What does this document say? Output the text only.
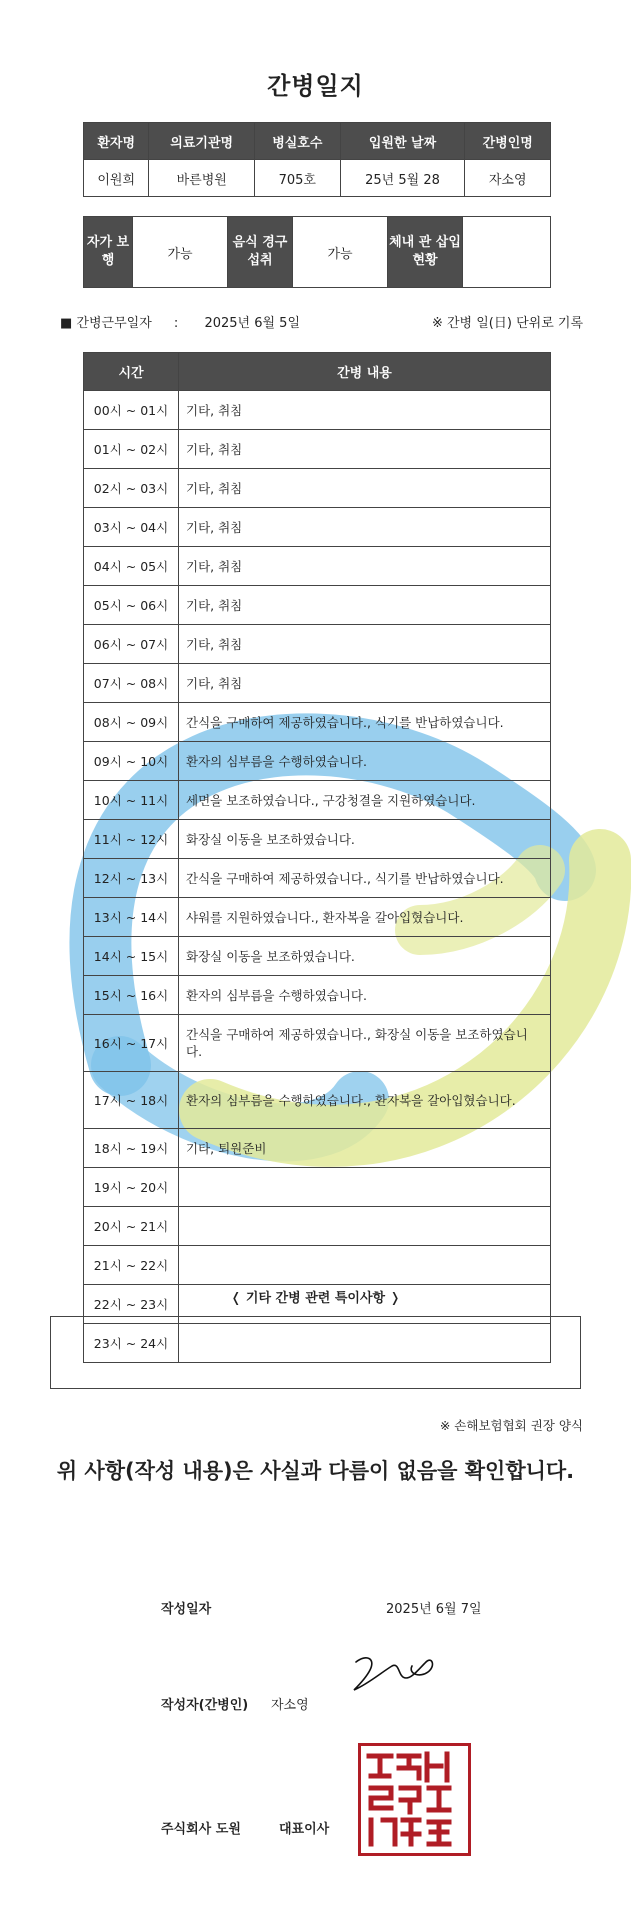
간병일지
환자명	의료기관명	병실호수	입원한 날짜	간병인명
이원희	바른병원	705호	25년 5월 28	자소영
자가 보행	가능	음식 경구 섭취	가능	체내 관 삽입 현황	
■ 간병근무일자 : 2025년 6월 5일	※ 간병 일(日) 단위로 기록
시간	간병 내용
00시 ~ 01시	기타, 취침
01시 ~ 02시	기타, 취침
02시 ~ 03시	기타, 취침
03시 ~ 04시	기타, 취침
04시 ~ 05시	기타, 취침
05시 ~ 06시	기타, 취침
06시 ~ 07시	기타, 취침
07시 ~ 08시	기타, 취침
08시 ~ 09시	간식을 구매하여 제공하였습니다., 식기를 반납하였습니다.
09시 ~ 10시	환자의 심부름을 수행하였습니다.
10시 ~ 11시	세면을 보조하였습니다., 구강청결을 지원하였습니다.
11시 ~ 12시	화장실 이동을 보조하였습니다.
12시 ~ 13시	간식을 구매하여 제공하였습니다., 식기를 반납하였습니다.
13시 ~ 14시	샤워를 지원하였습니다., 환자복을 갈아입혔습니다.
14시 ~ 15시	화장실 이동을 보조하였습니다.
15시 ~ 16시	환자의 심부름을 수행하였습니다.
16시 ~ 17시	간식을 구매하여 제공하였습니다., 화장실 이동을 보조하였습니다.
17시 ~ 18시	환자의 심부름을 수행하였습니다., 환자복을 갈아입혔습니다.
18시 ~ 19시	기타, 퇴원준비
19시 ~ 20시	
20시 ~ 21시	
21시 ~ 22시	
22시 ~ 23시	
23시 ~ 24시	
❬ 기타 간병 관련 특이사항 ❭
※ 손해보험협회 권장 양식
위 사항(작성 내용)은 사실과 다름이 없음을 확인합니다.
작성일자	2025년 6월 7일
작성자(간병인) 자소영
주식회사 도원	대표이사
